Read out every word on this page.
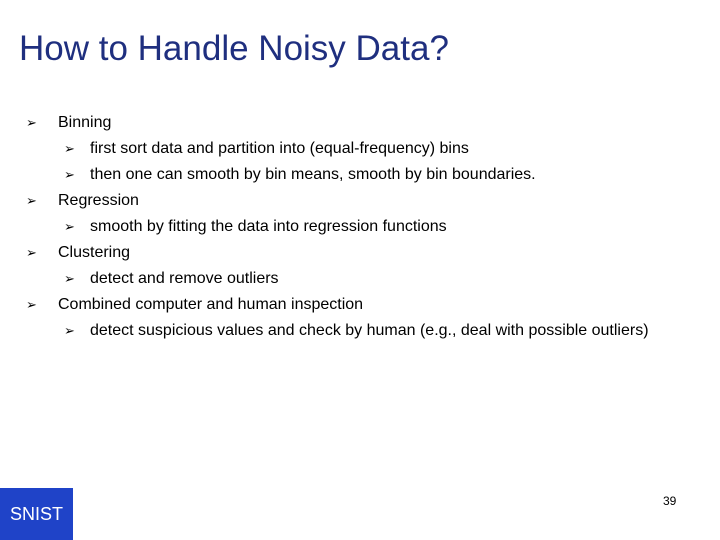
How to Handle Noisy Data?
➢ Binning
➢ first sort data and partition into (equal-frequency) bins
➢ then one can smooth by bin means, smooth by bin boundaries.
➢ Regression
➢ smooth by fitting the data into regression functions
➢ Clustering
➢ detect and remove outliers
➢ Combined computer and human inspection
➢ detect suspicious values and check by human (e.g., deal with possible outliers)
SNIST
39
